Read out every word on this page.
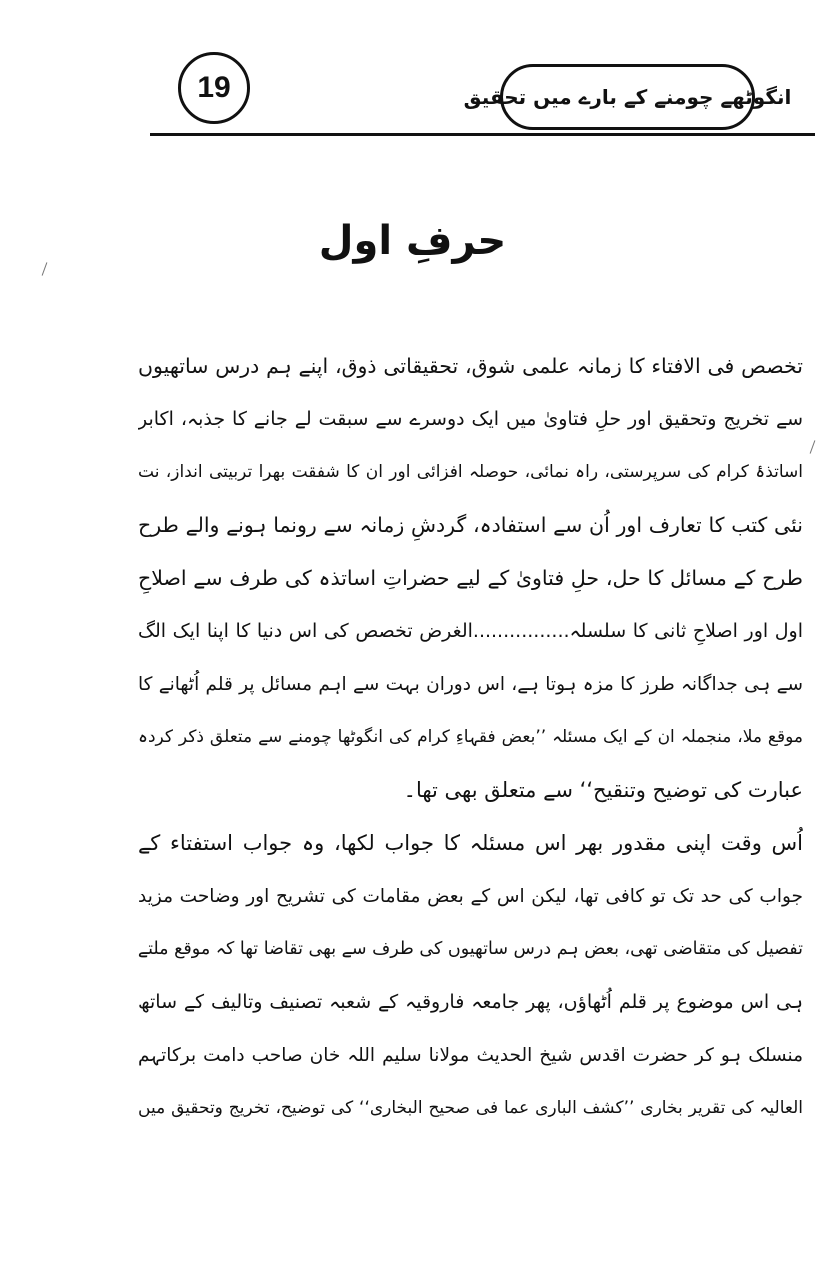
19	انگوٹھے چومنے کے بارے میں تحقیق
حرفِ اول
تخصص فی الافتاء کا زمانہ علمی شوق، تحقیقاتی ذوق، اپنے ہم درس ساتھیوں
سے تخریج وتحقیق اور حلِ فتاویٰ میں ایک دوسرے سے سبقت لے جانے کا جذبہ، اکابر
اساتذۂ کرام کی سرپرستی، راہ نمائی، حوصلہ افزائی اور ان کا شفقت بھرا تربیتی انداز، نت
نئی کتب کا تعارف اور اُن سے استفادہ، گردشِ زمانہ سے رونما ہونے والے طرح
طرح کے مسائل کا حل، حلِ فتاویٰ کے لیے حضراتِ اساتذہ کی طرف سے اصلاحِ
اول اور اصلاحِ ثانی کا سلسلہ................الغرض تخصص کی اس دنیا کا اپنا ایک الگ
سے ہی جداگانہ طرز کا مزہ ہوتا ہے، اس دوران بہت سے اہم مسائل پر قلم اُٹھانے کا
موقع ملا، منجملہ ان کے ایک مسئلہ ’’بعض فقہاءِ کرام کی انگوٹھا چومنے سے متعلق ذکر کردہ
عبارت کی توضیح وتنقیح‘‘ سے متعلق بھی تھا۔
اُس وقت اپنی مقدور بھر اس مسئلہ کا جواب لکھا، وہ جواب استفتاء کے
جواب کی حد تک تو کافی تھا، لیکن اس کے بعض مقامات کی تشریح اور وضاحت مزید
تفصیل کی متقاضی تھی، بعض ہم درس ساتھیوں کی طرف سے بھی تقاضا تھا کہ موقع ملتے
ہی اس موضوع پر قلم اُٹھاؤں، پھر جامعہ فاروقیہ کے شعبہ تصنیف وتالیف کے ساتھ
منسلک ہو کر حضرت اقدس شیخ الحدیث مولانا سلیم اللہ خان صاحب دامت برکاتہم
العالیہ کی تقریر بخاری ’’کشف الباری عما فی صحیح البخاری‘‘ کی توضیح، تخریج وتحقیق میں
